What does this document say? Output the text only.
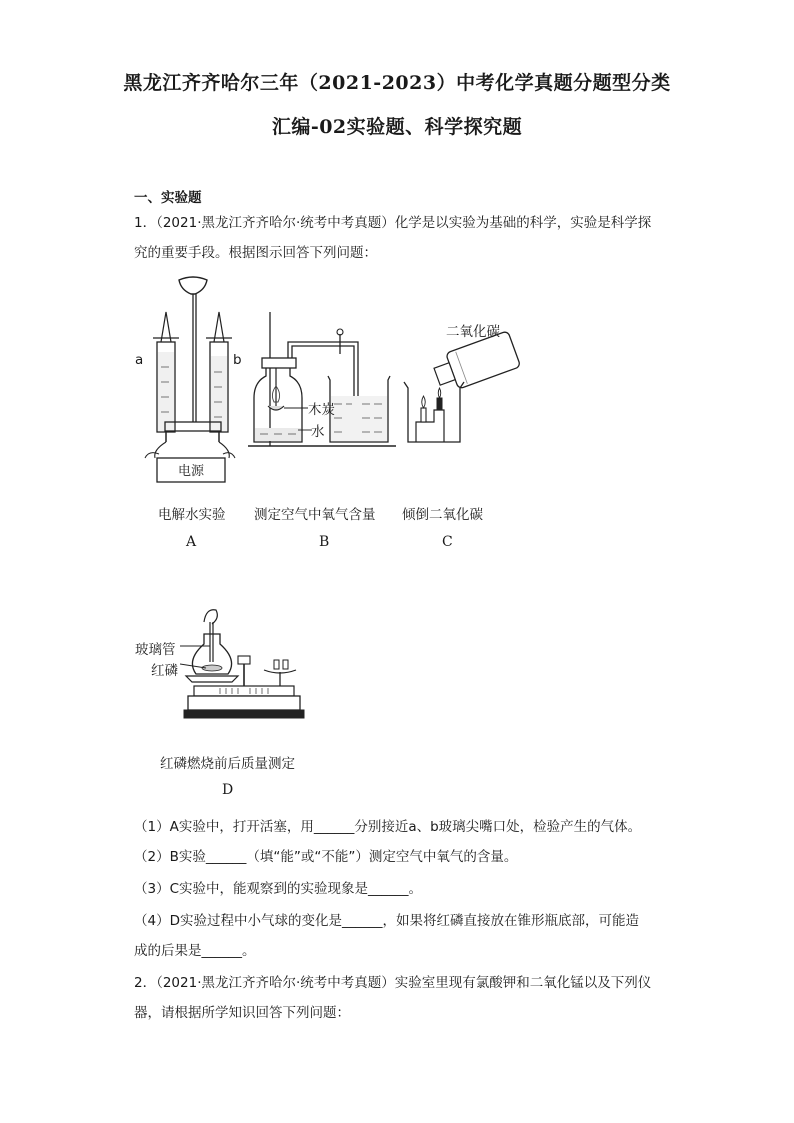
黑龙江齐齐哈尔三年（2021-2023）中考化学真题分题型分类
汇编-02实验题、科学探究题
一、实验题
1．（2021·黑龙江齐齐哈尔·统考中考真题）化学是以实验为基础的科学，实验是科学探
究的重要手段。根据图示回答下列问题：
电源
a	b
木炭
水
二氧化碳
电解水实验 测定空气中氧气含量 倾倒二氧化碳
A	B	C
玻璃管
红磷
红磷燃烧前后质量测定
D
（1）A实验中，打开活塞，用______分别接近a、b玻璃尖嘴口处，检验产生的气体。
（2）B实验______（填“能”或“不能”）测定空气中氧气的含量。
（3）C实验中，能观察到的实验现象是______。
（4）D实验过程中小气球的变化是______，如果将红磷直接放在锥形瓶底部，可能造
成的后果是______。
2．（2021·黑龙江齐齐哈尔·统考中考真题）实验室里现有氯酸钾和二氧化锰以及下列仪
器，请根据所学知识回答下列问题：
